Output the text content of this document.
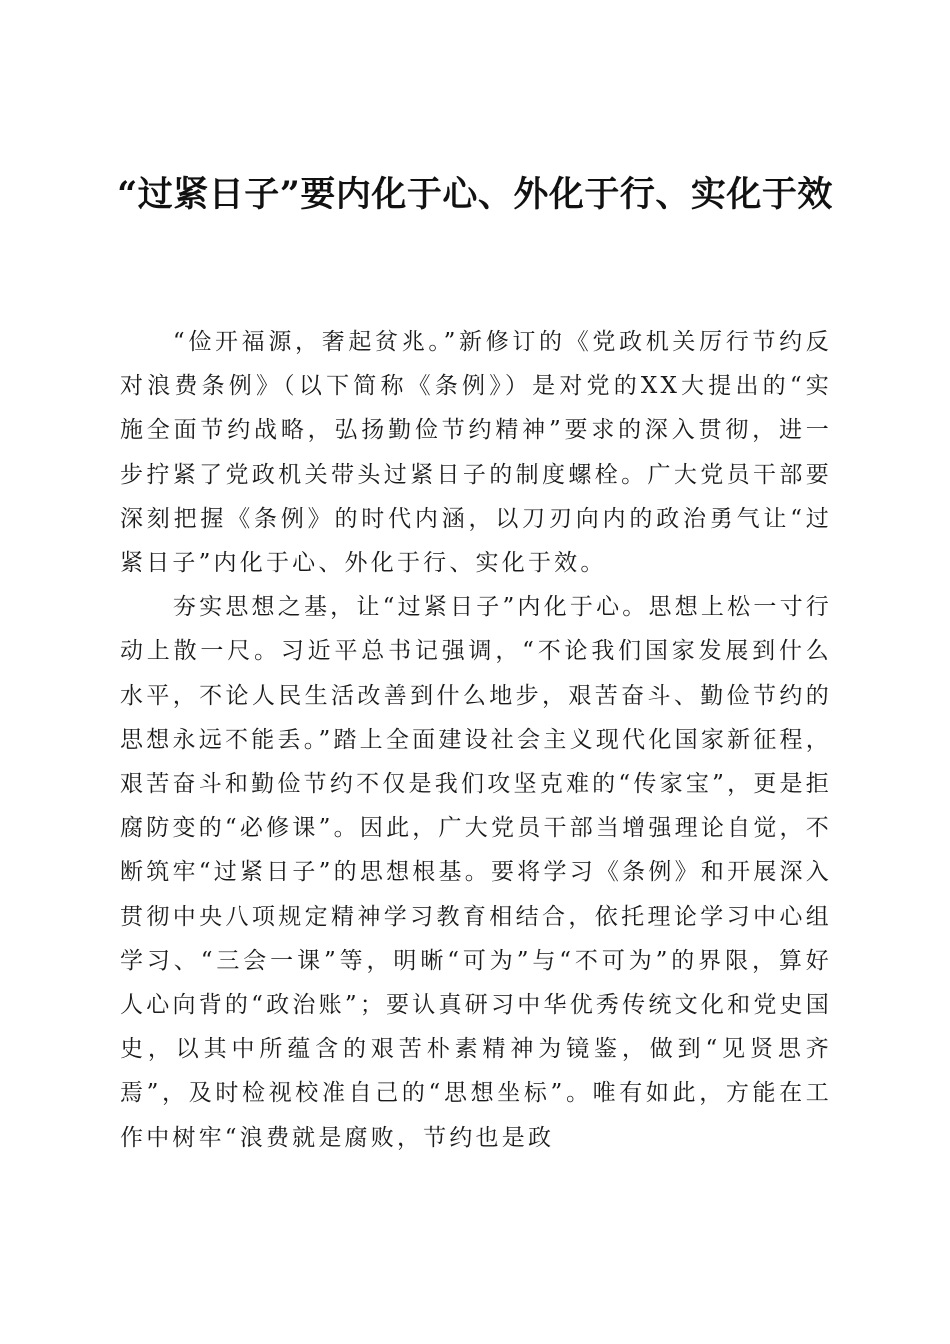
“过紧日子”要内化于心、外化于行、实化于效

“俭开福源，奢起贫兆。”新修订的《党政机关厉行节约反对浪费条例》（以下简称《条例》）是对党的XX大提出的“实施全面节约战略，弘扬勤俭节约精神”要求的深入贯彻，进一步拧紧了党政机关带头过紧日子的制度螺栓。广大党员干部要深刻把握《条例》的时代内涵，以刀刃向内的政治勇气让“过紧日子”内化于心、外化于行、实化于效。

夯实思想之基，让“过紧日子”内化于心。思想上松一寸行动上散一尺。习近平总书记强调，“不论我们国家发展到什么水平，不论人民生活改善到什么地步，艰苦奋斗、勤俭节约的思想永远不能丢。”踏上全面建设社会主义现代化国家新征程，艰苦奋斗和勤俭节约不仅是我们攻坚克难的“传家宝”，更是拒腐防变的“必修课”。因此，广大党员干部当增强理论自觉，不断筑牢“过紧日子”的思想根基。要将学习《条例》和开展深入贯彻中央八项规定精神学习教育相结合，依托理论学习中心组学习、“三会一课”等，明晰“可为”与“不可为”的界限，算好人心向背的“政治账”；要认真研习中华优秀传统文化和党史国史，以其中所蕴含的艰苦朴素精神为镜鉴，做到“见贤思齐焉”，及时检视校准自己的“思想坐标”。唯有如此，方能在工作中树牢“浪费就是腐败，节约也是政
